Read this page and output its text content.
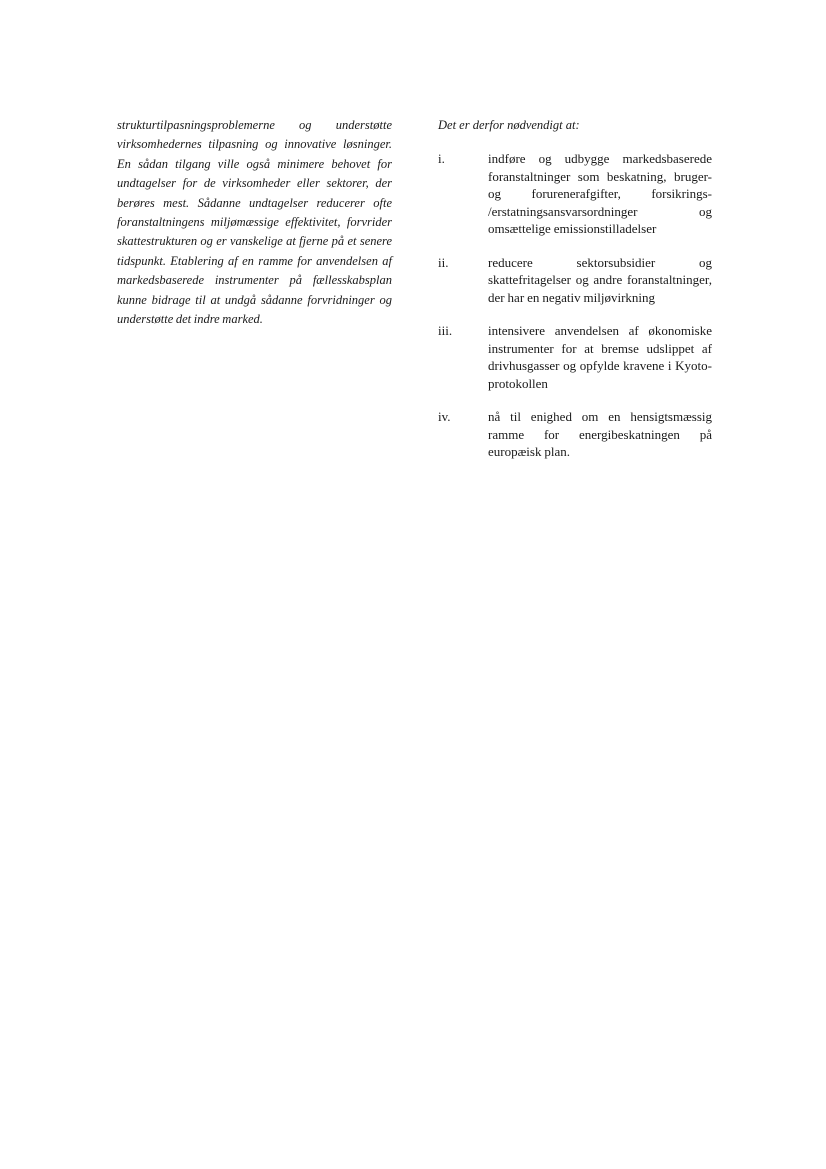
strukturtilpasningsproblemerne og understøtte virksomhedernes tilpasning og innovative løsninger. En sådan tilgang ville også minimere behovet for undtagelser for de virksomheder eller sektorer, der berøres mest. Sådanne undtagelser reducerer ofte foranstaltningens miljømæssige effektivitet, forvrider skattestrukturen og er vanskelige at fjerne på et senere tidspunkt. Etablering af en ramme for anvendelsen af markedsbaserede instrumenter på fællesskabsplan kunne bidrage til at undgå sådanne forvridninger og understøtte det indre marked.

Det er derfor nødvendigt at:

i.	indføre og udbygge markedsbaserede foranstaltninger som beskatning, bruger- og forurenerafgifter, forsikrings- /erstatningsansvarsordninger og omsættelige emissionstilladelser
ii.	reducere sektorsubsidier og skattefritagelser og andre foranstaltninger, der har en negativ miljøvirkning
iii.	intensivere anvendelsen af økonomiske instrumenter for at bremse udslippet af drivhusgasser og opfylde kravene i Kyoto-protokollen
iv.	nå til enighed om en hensigtsmæssig ramme for energibeskatningen på europæisk plan.
